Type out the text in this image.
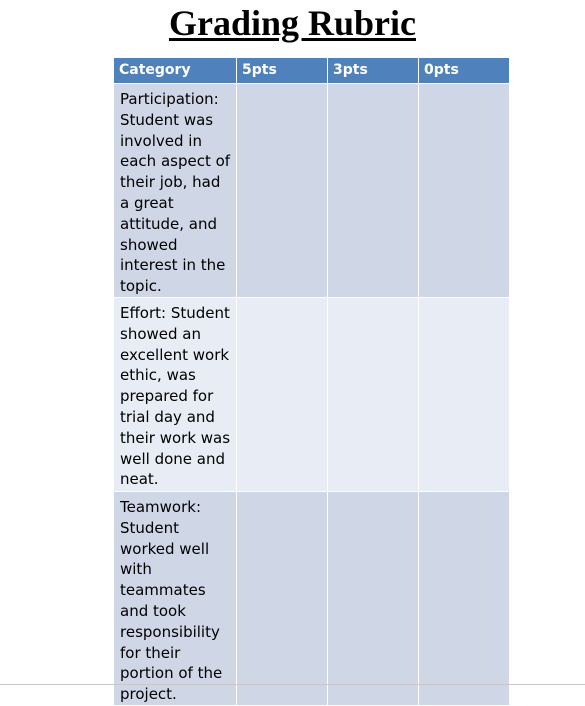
Grading Rubric
Category	5pts	3pts	0pts
Participation: Student was involved in each aspect of their job, had a great attitude, and showed interest in the topic.			
Effort: Student showed an excellent work ethic, was prepared for trial day and their work was well done and neat.			
Teamwork: Student worked well with teammates and took responsibility for their portion of the project.			
